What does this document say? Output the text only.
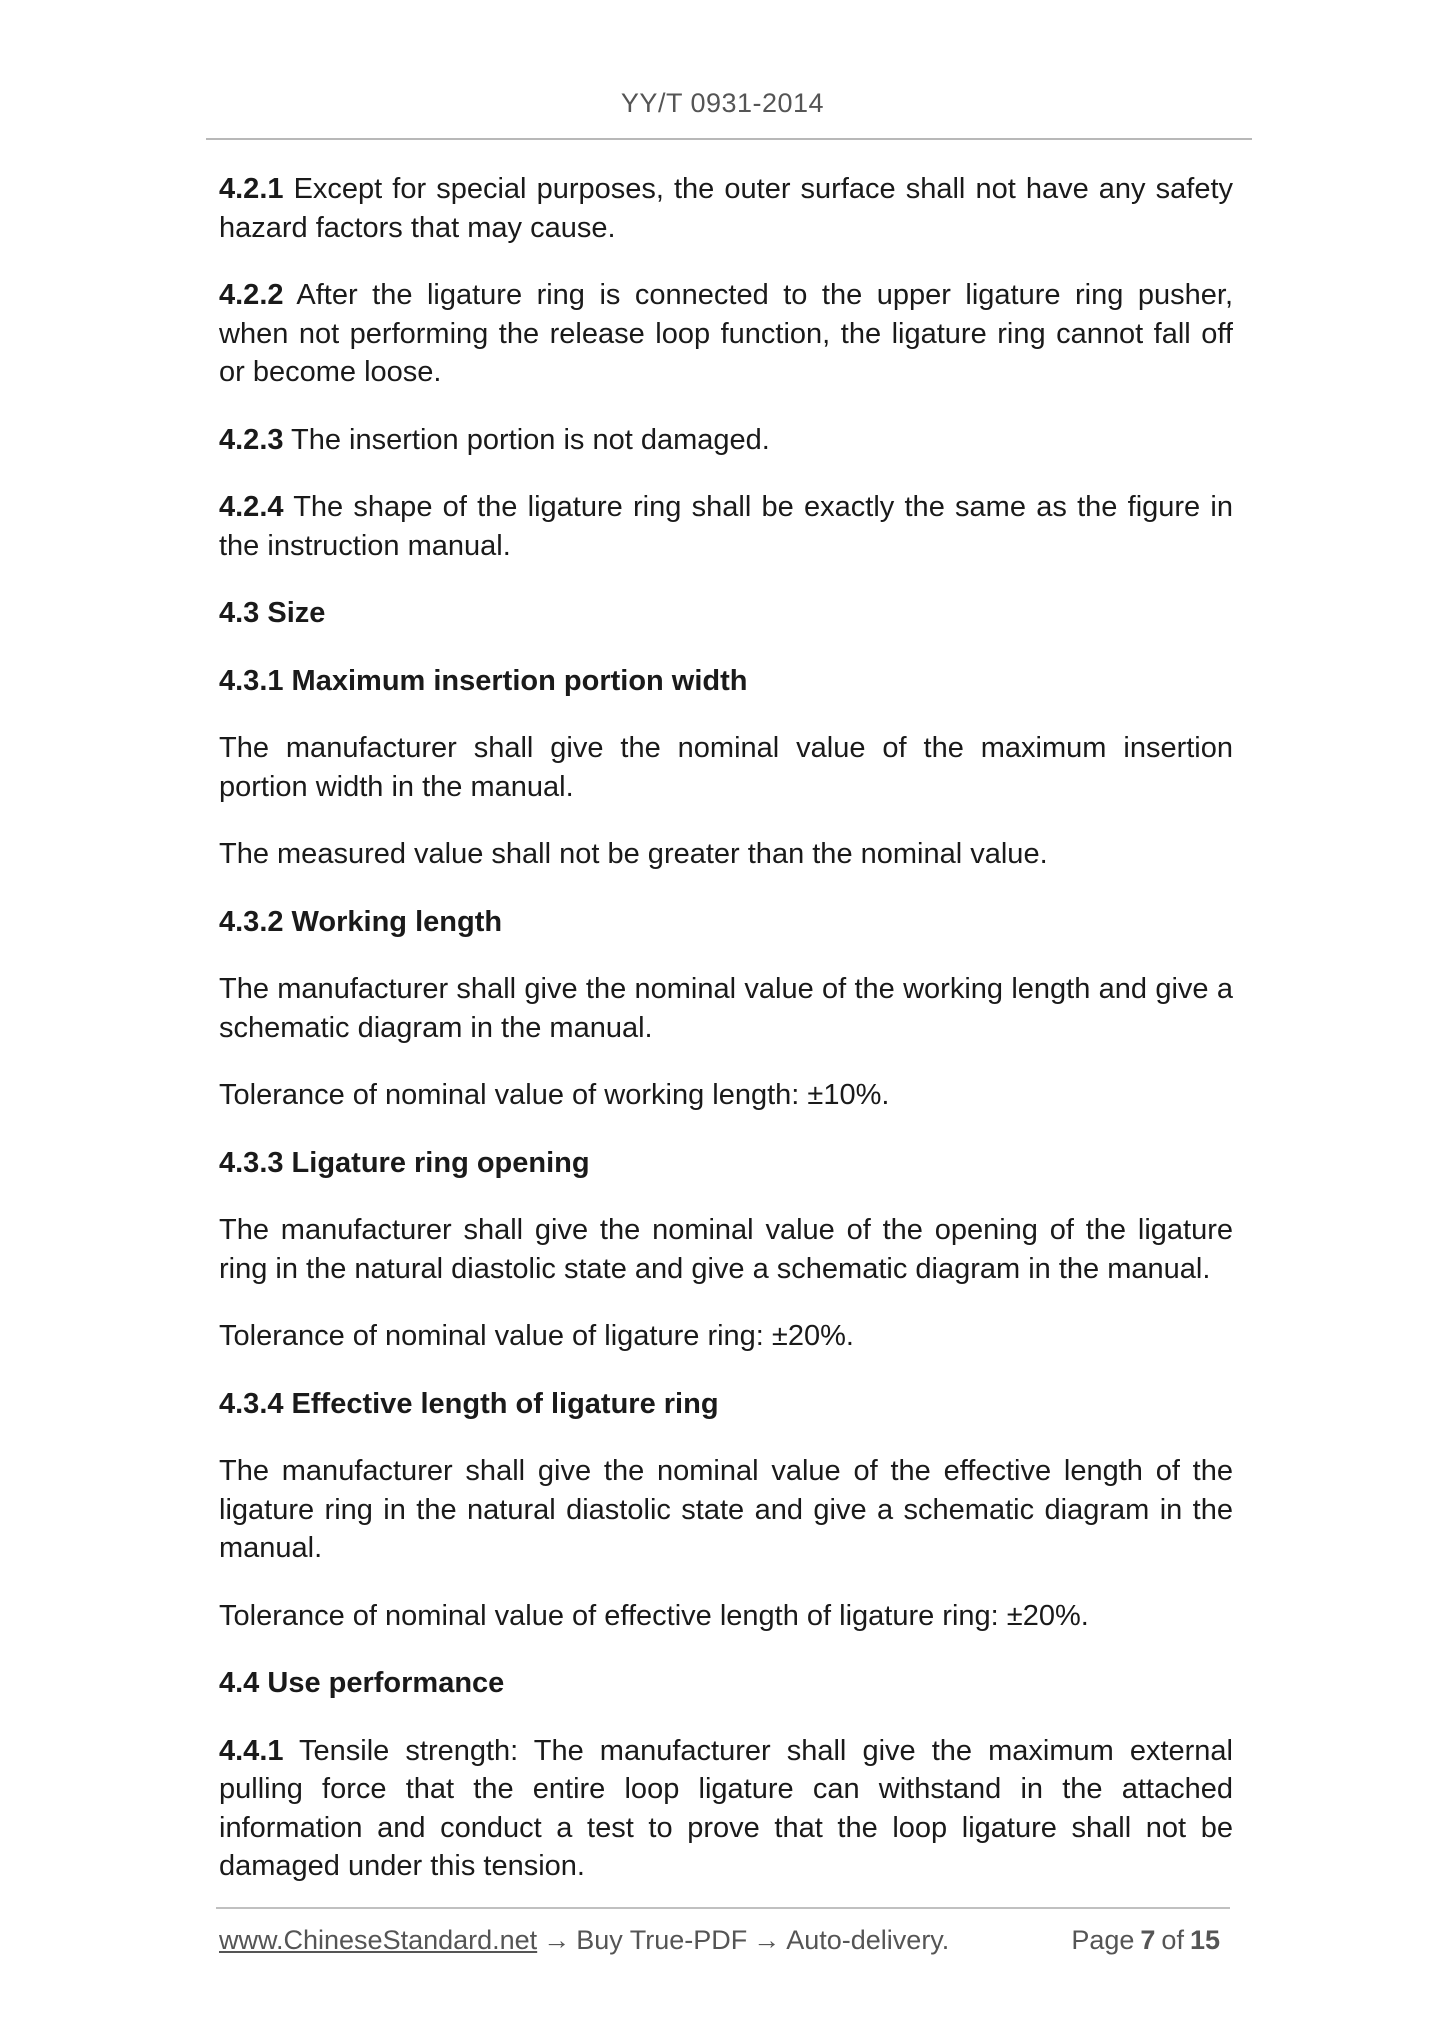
YY/T 0931-2014

4.2.1 Except for special purposes, the outer surface shall not have any safety hazard factors that may cause.

4.2.2 After the ligature ring is connected to the upper ligature ring pusher, when not performing the release loop function, the ligature ring cannot fall off or become loose.

4.2.3 The insertion portion is not damaged.

4.2.4 The shape of the ligature ring shall be exactly the same as the figure in the instruction manual.

4.3 Size

4.3.1 Maximum insertion portion width

The manufacturer shall give the nominal value of the maximum insertion portion width in the manual.

The measured value shall not be greater than the nominal value.

4.3.2 Working length

The manufacturer shall give the nominal value of the working length and give a schematic diagram in the manual.

Tolerance of nominal value of working length: ±10%.

4.3.3 Ligature ring opening

The manufacturer shall give the nominal value of the opening of the ligature ring in the natural diastolic state and give a schematic diagram in the manual.

Tolerance of nominal value of ligature ring: ±20%.

4.3.4 Effective length of ligature ring

The manufacturer shall give the nominal value of the effective length of the ligature ring in the natural diastolic state and give a schematic diagram in the manual.

Tolerance of nominal value of effective length of ligature ring: ±20%.

4.4 Use performance

4.4.1 Tensile strength: The manufacturer shall give the maximum external pulling force that the entire loop ligature can withstand in the attached information and conduct a test to prove that the loop ligature shall not be damaged under this tension.

www.ChineseStandard.net → Buy True-PDF → Auto-delivery.	Page 7 of 15
